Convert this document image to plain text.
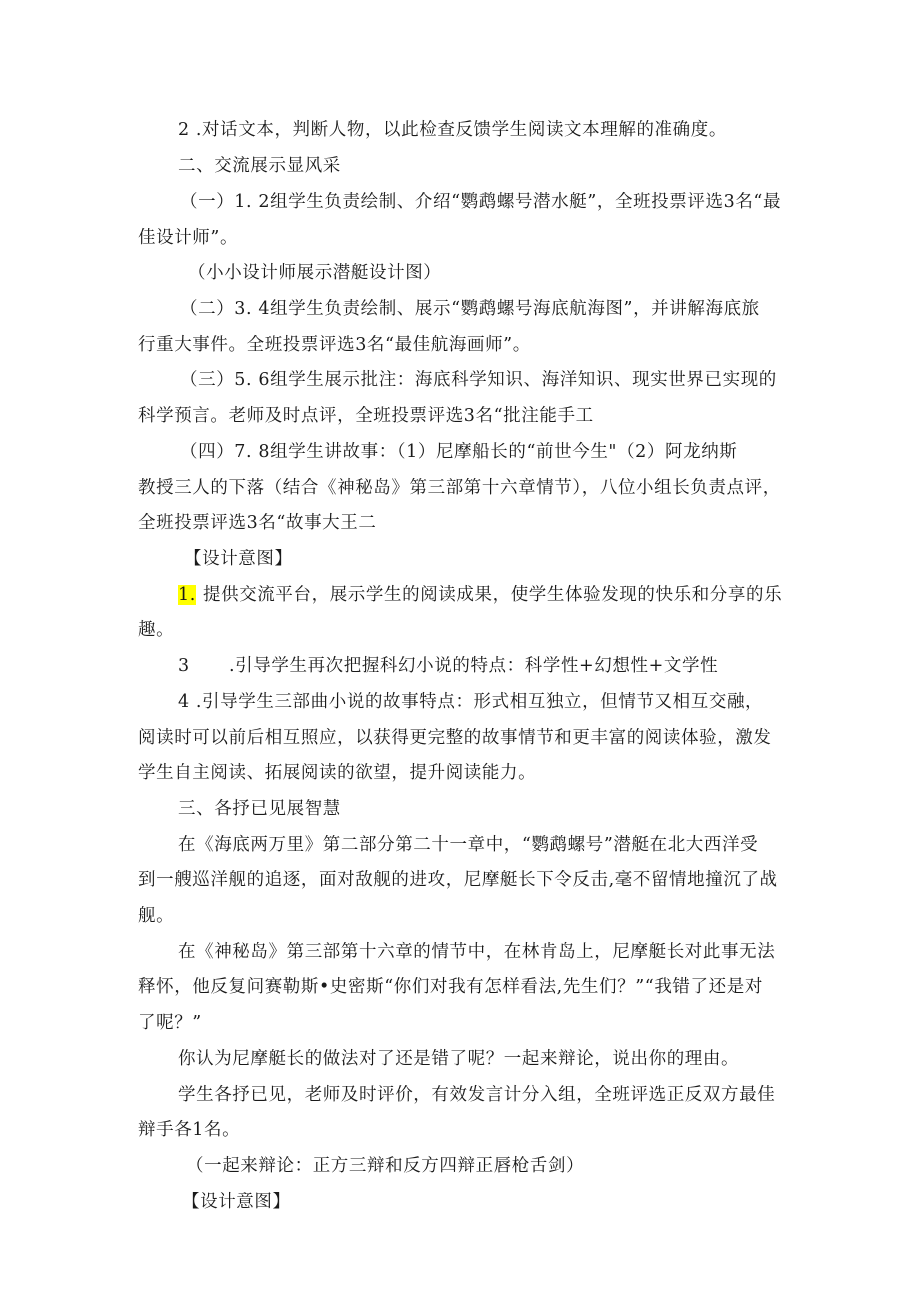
2 .对话文本，判断人物，以此检查反馈学生阅读文本理解的准确度。
二、交流展示显风采
（一）1. 2组学生负责绘制、介绍“鹦鹉螺号潜水艇”，全班投票评选3名“最
佳设计师”。
（小小设计师展示潜艇设计图）
（二）3. 4组学生负责绘制、展示“鹦鹉螺号海底航海图”，并讲解海底旅
行重大事件。全班投票评选3名“最佳航海画师”。
（三）5. 6组学生展示批注：海底科学知识、海洋知识、现实世界已实现的
科学预言。老师及时点评，全班投票评选3名“批注能手工
（四）7. 8组学生讲故事：（1）尼摩船长的“前世今生"（2）阿龙纳斯
教授三人的下落（结合《神秘岛》第三部第十六章情节），八位小组长负责点评，
全班投票评选3名“故事大王二
【设计意图】
1. 提供交流平台，展示学生的阅读成果，使学生体验发现的快乐和分享的乐
趣。
3 .引导学生再次把握科幻小说的特点：科学性+幻想性+文学性
4 .引导学生三部曲小说的故事特点：形式相互独立，但情节又相互交融，
阅读时可以前后相互照应，以获得更完整的故事情节和更丰富的阅读体验，激发
学生自主阅读、拓展阅读的欲望，提升阅读能力。
三、各抒已见展智慧
在《海底两万里》第二部分第二十一章中，“鹦鹉螺号”潜艇在北大西洋受
到一艘巡洋舰的追逐，面对敌舰的进攻，尼摩艇长下令反击,毫不留情地撞沉了战
舰。
在《神秘岛》第三部第十六章的情节中，在林肯岛上，尼摩艇长对此事无法
释怀，他反复问赛勒斯•史密斯“你们对我有怎样看法,先生们？”“我错了还是对
了呢？”
你认为尼摩艇长的做法对了还是错了呢？一起来辩论，说出你的理由。
学生各抒已见，老师及时评价，有效发言计分入组，全班评选正反双方最佳
辩手各1名。
（一起来辩论：正方三辩和反方四辩正唇枪舌剑）
【设计意图】
